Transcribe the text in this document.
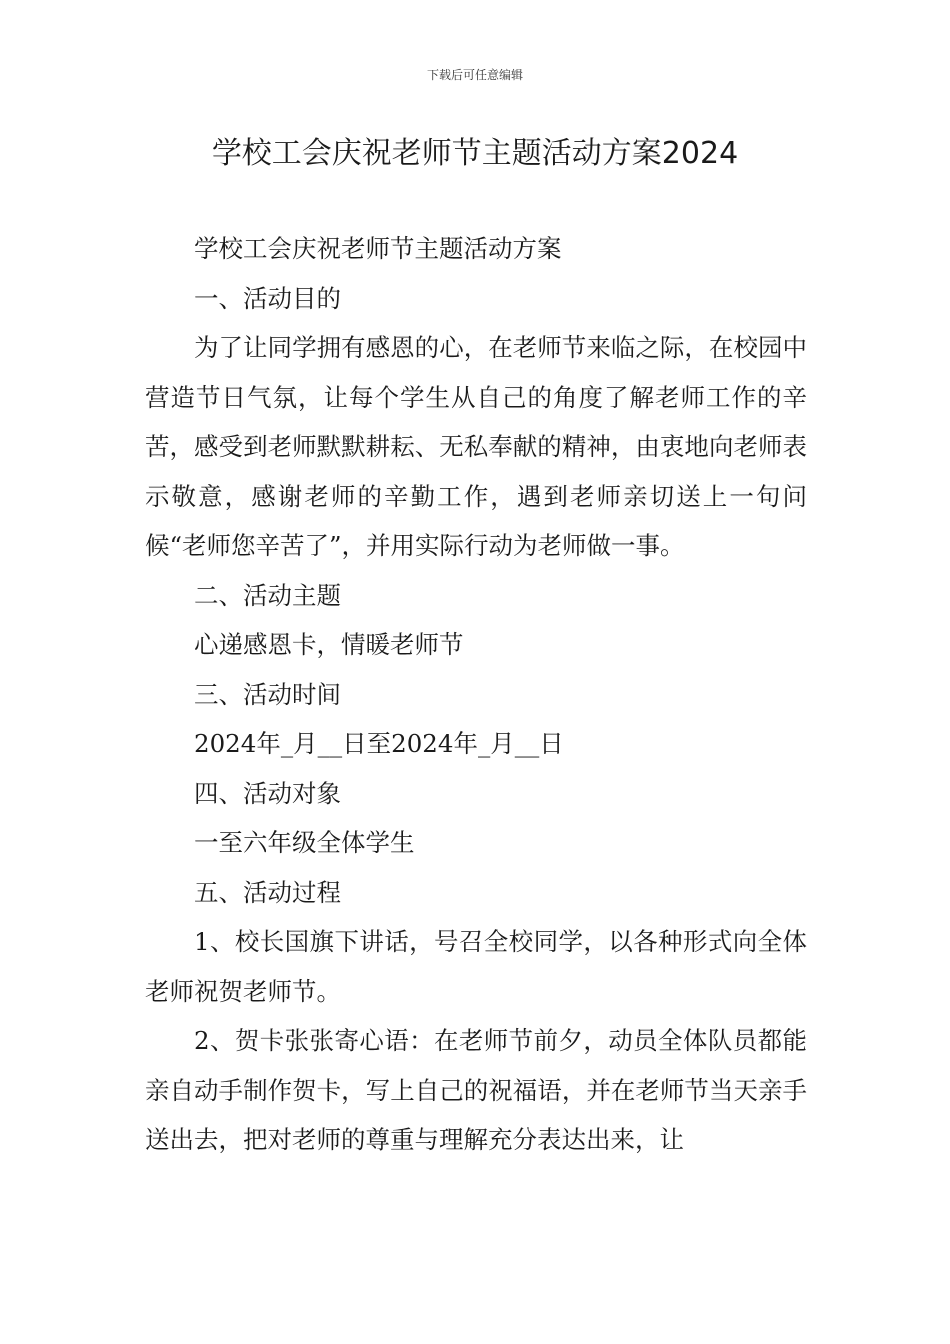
下载后可任意编辑
学校工会庆祝老师节主题活动方案2024

学校工会庆祝老师节主题活动方案

一、活动目的

为了让同学拥有感恩的心，在老师节来临之际，在校园中营造节日气氛，让每个学生从自己的角度了解老师工作的辛苦，感受到老师默默耕耘、无私奉献的精神，由衷地向老师表示敬意，感谢老师的辛勤工作，遇到老师亲切送上一句问候“老师您辛苦了”，并用实际行动为老师做一事。

二、活动主题

心递感恩卡，情暖老师节

三、活动时间

2024年_月__日至2024年_月__日

四、活动对象

一至六年级全体学生

五、活动过程

1、校长国旗下讲话，号召全校同学，以各种形式向全体老师祝贺老师节。

2、贺卡张张寄心语：在老师节前夕，动员全体队员都能亲自动手制作贺卡，写上自己的祝福语，并在老师节当天亲手送出去，把对老师的尊重与理解充分表达出来，让
